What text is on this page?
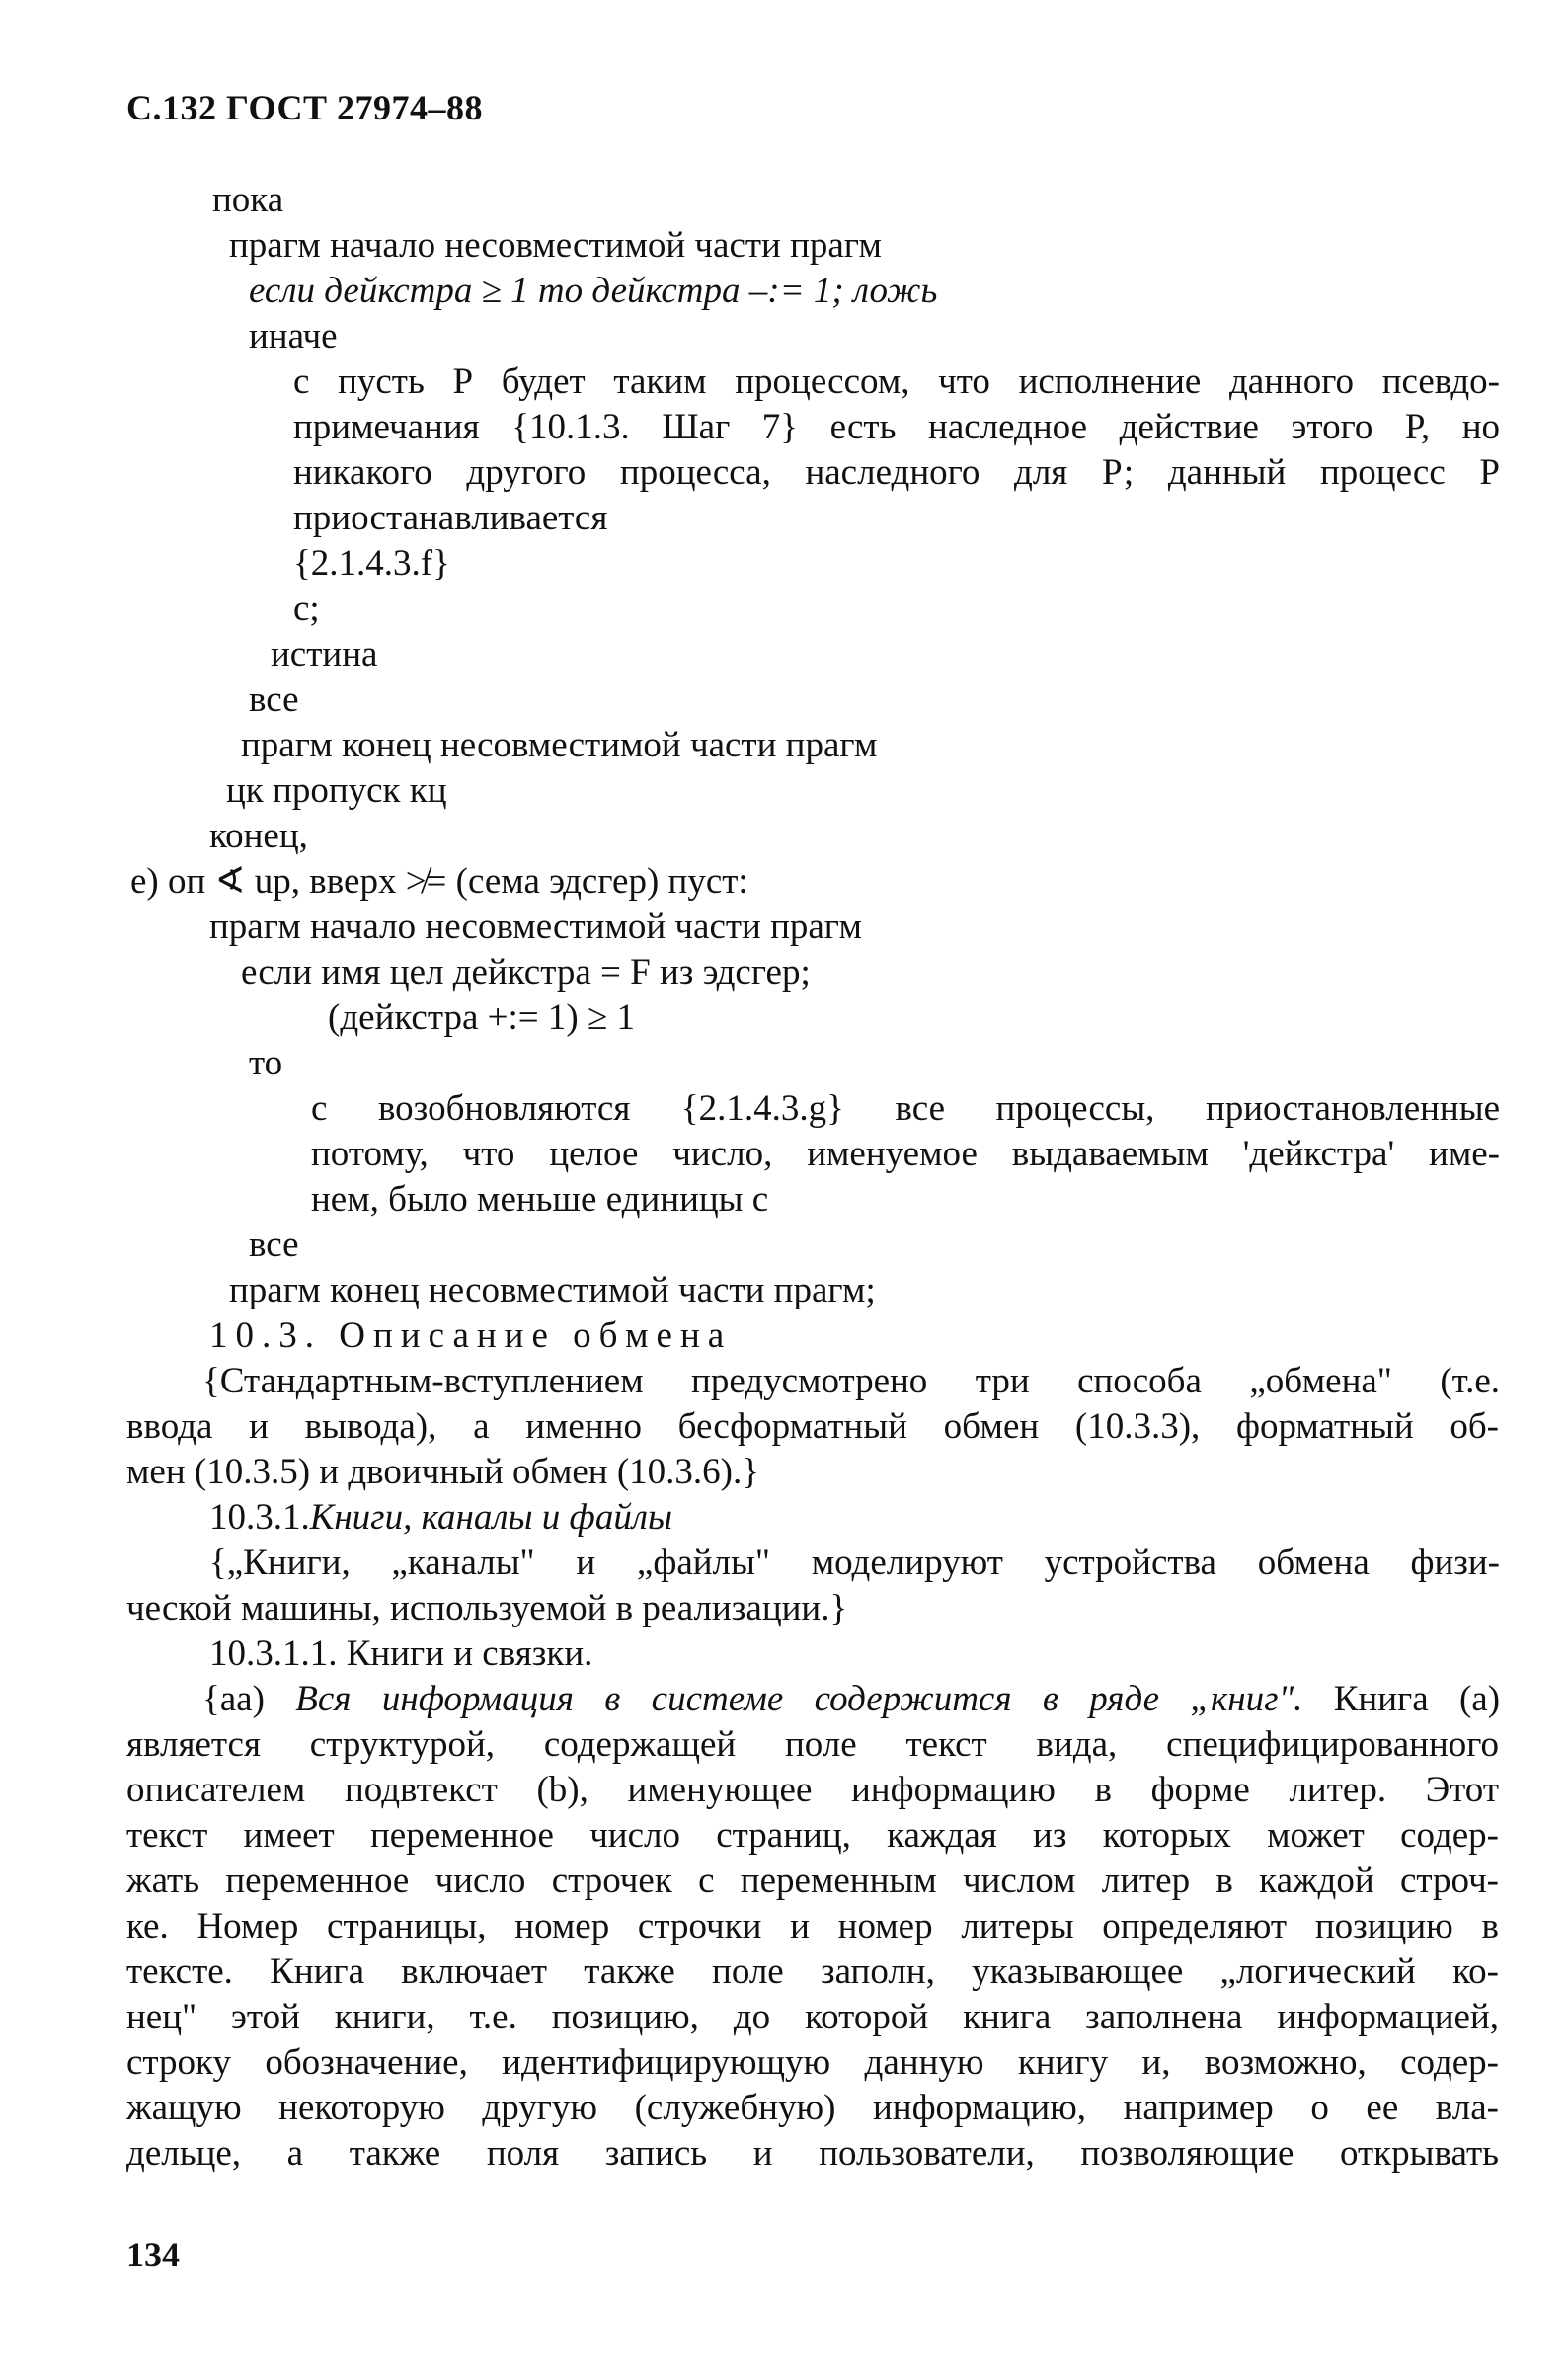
С.132 ГОСТ 27974–88
пока
прагм начало несовместимой части прагм
если дейкстра ≥ 1 то дейкстра –:= 1; ложь
иначе
с пусть Р будет таким процессом, что исполнение данного псевдо-
примечания {10.1.3. Шаг 7} есть наследное действие этого Р, но
никакого другого процесса, наследного для Р; данный процесс Р
приостанавливается
{2.1.4.3.f}
с;
истина
все
прагм конец несовместимой части прагм
цк пропуск кц
конец,
е) оп ∢ up, вверх ≯= (сема эдсгер) пуст:
прагм начало несовместимой части прагм
если имя цел дейкстра = F из эдсгер;
(дейкстра +:= 1) ≥ 1
то
с возобновляются {2.1.4.3.g} все процессы, приостановленные
потому, что целое число, именуемое выдаваемым 'дейкстра' име-
нем, было меньше единицы с
все
прагм конец несовместимой части прагм;
10.3. Описание обмена
{Стандартным-вступлением предусмотрено три способа „обмена" (т.е.
ввода и вывода), а именно бесформатный обмен (10.3.3), форматный об-
мен (10.3.5) и двоичный обмен (10.3.6).}
10.3.1.Книги, каналы и файлы
{„Книги, „каналы" и „файлы" моделируют устройства обмена физи-
ческой машины, используемой в реализации.}
10.3.1.1. Книги и связки.
{аа) Вся информация в системе содержится в ряде „книг". Книга (а)
является структурой, содержащей поле текст вида, специфицированного
описателем подвтекст (b), именующее информацию в форме литер. Этот
текст имеет переменное число страниц, каждая из которых может содер-
жать переменное число строчек с переменным числом литер в каждой строч-
ке. Номер страницы, номер строчки и номер литеры определяют позицию в
тексте. Книга включает также поле заполн, указывающее „логический ко-
нец" этой книги, т.е. позицию, до которой книга заполнена информацией,
строку обозначение, идентифицирующую данную книгу и, возможно, содер-
жащую некоторую другую (служебную) информацию, например о ее вла-
дельце, а также поля запись и пользователи, позволяющие открывать
134
